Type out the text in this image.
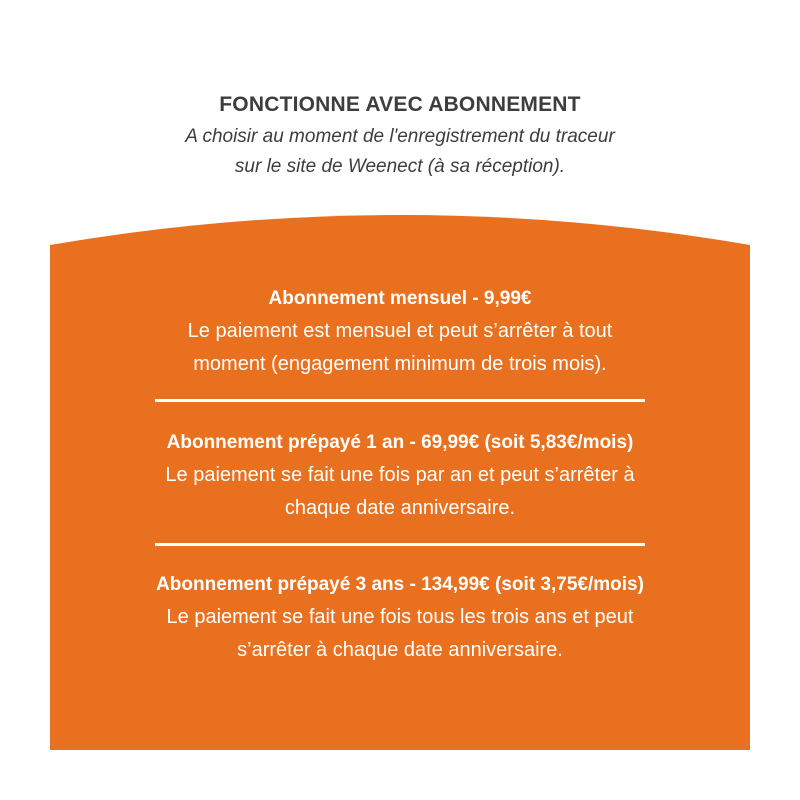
FONCTIONNE AVEC ABONNEMENT
A choisir au moment de l'enregistrement du traceur
sur le site de Weenect (à sa réception).
Abonnement mensuel - 9,99€
Le paiement est mensuel et peut s’arrêter à tout
moment (engagement minimum de trois mois).
Abonnement prépayé 1 an - 69,99€ (soit 5,83€/mois)
Le paiement se fait une fois par an et peut s’arrêter à
chaque date anniversaire.
Abonnement prépayé 3 ans - 134,99€ (soit 3,75€/mois)
Le paiement se fait une fois tous les trois ans et peut
s’arrêter à chaque date anniversaire.
